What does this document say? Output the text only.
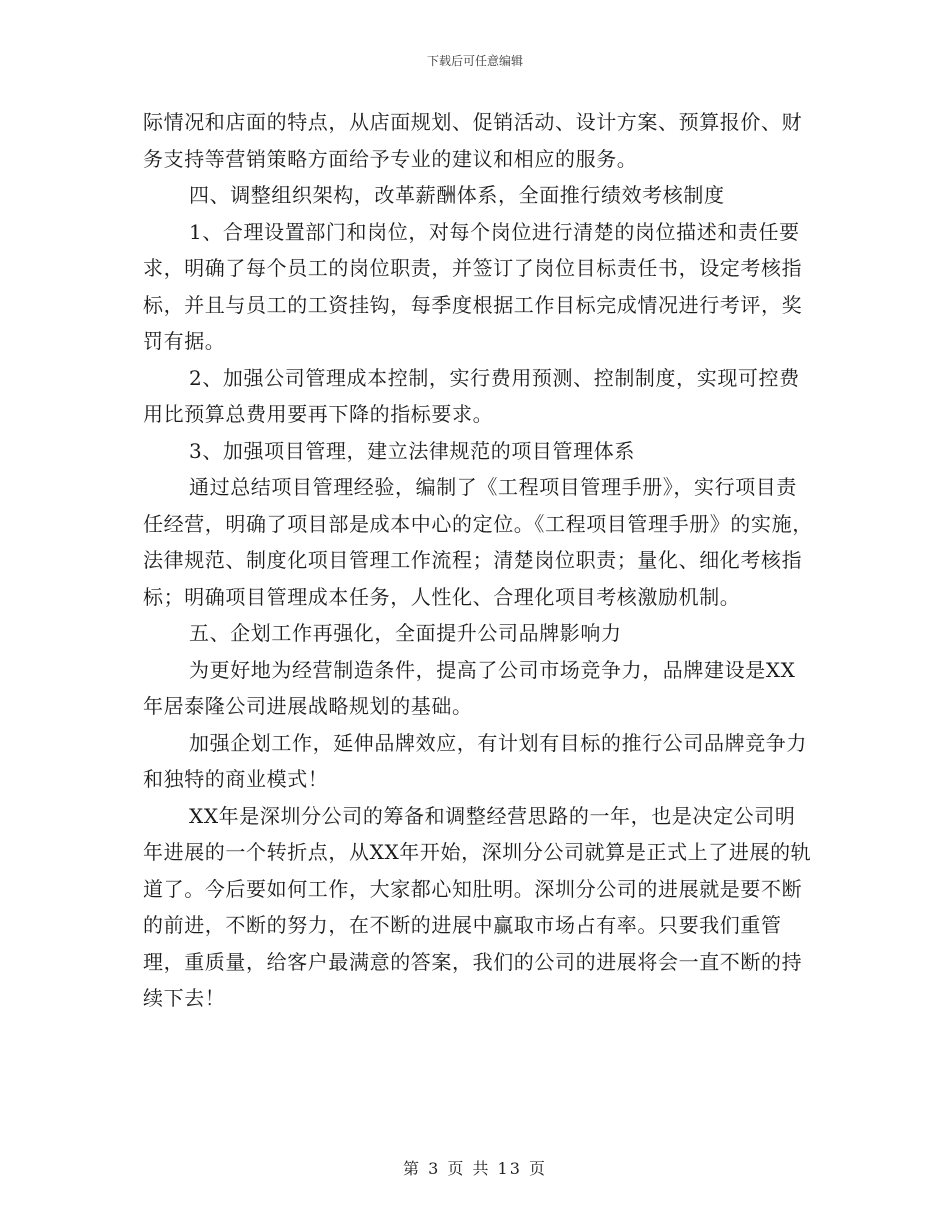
下载后可任意编辑

际情况和店面的特点，从店面规划、促销活动、设计方案、预算报价、财务支持等营销策略方面给予专业的建议和相应的服务。

四、调整组织架构，改革薪酬体系，全面推行绩效考核制度

1、合理设置部门和岗位，对每个岗位进行清楚的岗位描述和责任要求，明确了每个员工的岗位职责，并签订了岗位目标责任书，设定考核指标，并且与员工的工资挂钩，每季度根据工作目标完成情况进行考评，奖罚有据。

2、加强公司管理成本控制，实行费用预测、控制制度，实现可控费用比预算总费用要再下降的指标要求。

3、加强项目管理，建立法律规范的项目管理体系

通过总结项目管理经验，编制了《工程项目管理手册》，实行项目责任经营，明确了项目部是成本中心的定位。《工程项目管理手册》的实施，法律规范、制度化项目管理工作流程；清楚岗位职责；量化、细化考核指标；明确项目管理成本任务，人性化、合理化项目考核激励机制。

五、企划工作再强化，全面提升公司品牌影响力

为更好地为经营制造条件，提高了公司市场竞争力，品牌建设是XX年居泰隆公司进展战略规划的基础。

加强企划工作，延伸品牌效应，有计划有目标的推行公司品牌竞争力和独特的商业模式！

XX年是深圳分公司的筹备和调整经营思路的一年，也是决定公司明年进展的一个转折点，从XX年开始，深圳分公司就算是正式上了进展的轨道了。今后要如何工作，大家都心知肚明。深圳分公司的进展就是要不断的前进，不断的努力，在不断的进展中赢取市场占有率。只要我们重管理，重质量，给客户最满意的答案，我们的公司的进展将会一直不断的持续下去！

第 3 页 共 13 页
